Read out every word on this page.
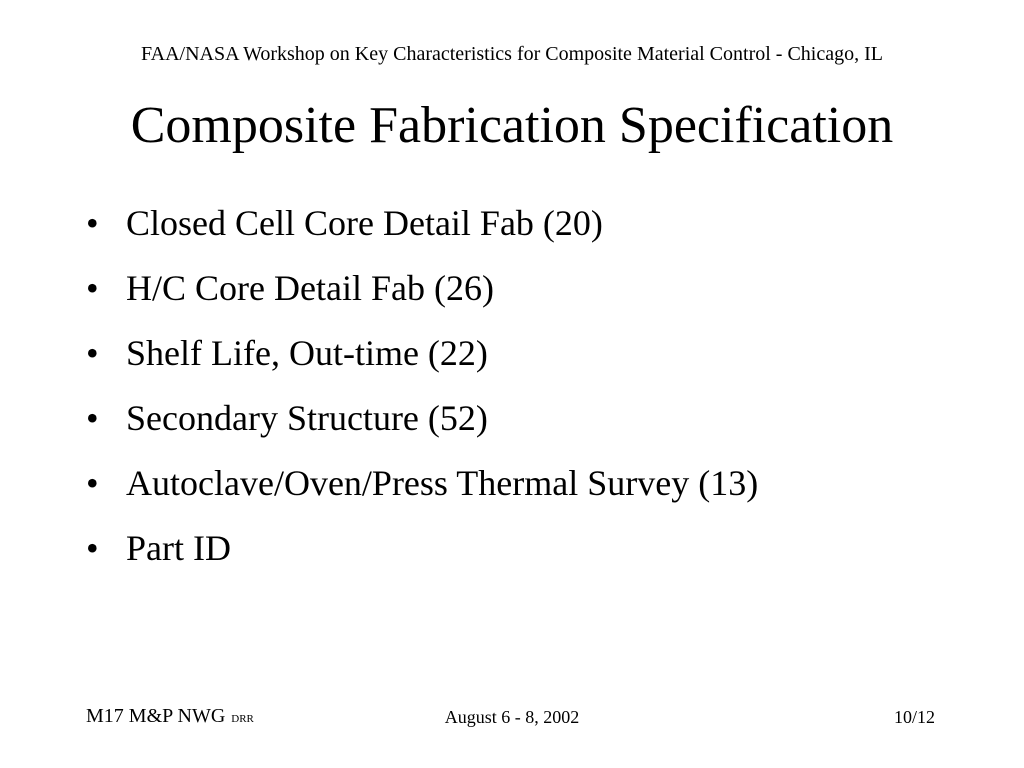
FAA/NASA Workshop on Key Characteristics for Composite Material Control - Chicago, IL
Composite Fabrication Specification
• Closed Cell Core Detail Fab (20)
• H/C Core Detail Fab (26)
• Shelf Life, Out-time (22)
• Secondary Structure (52)
• Autoclave/Oven/Press Thermal Survey (13)
• Part ID
M17 M&P NWG DRR	August 6 - 8, 2002	10/12
